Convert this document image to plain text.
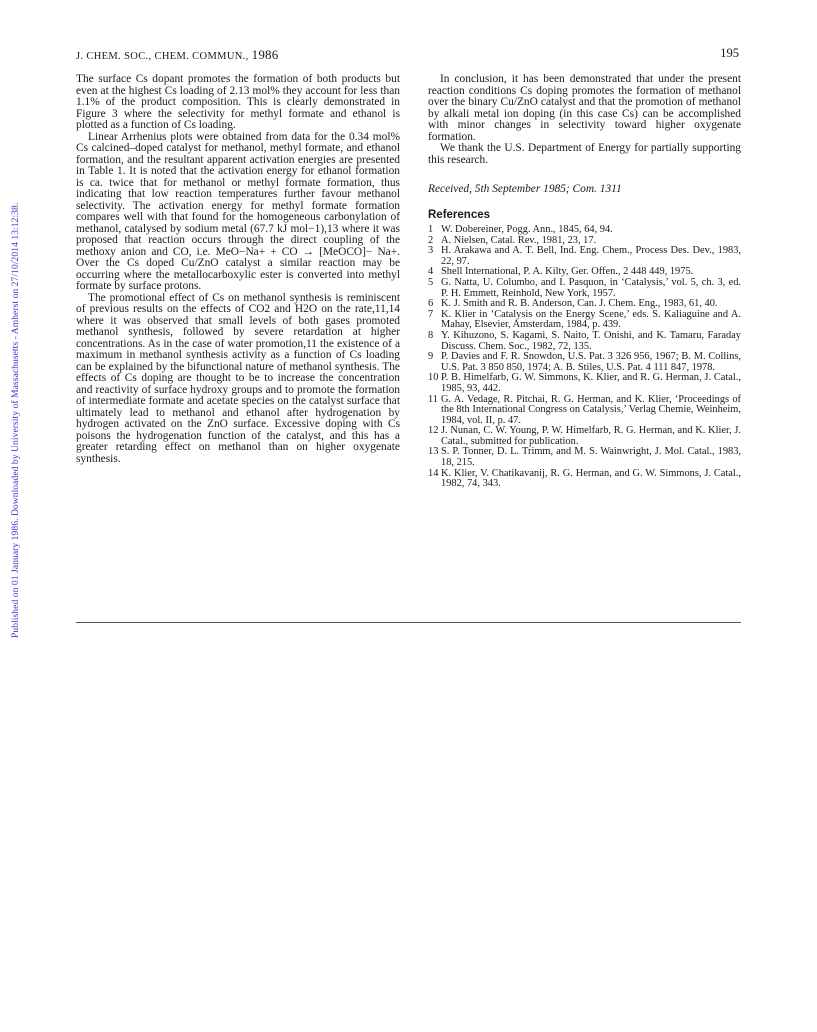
Published on 01 January 1986. Downloaded by University of Massachusetts - Amherst on 27/10/2014 13:12:38.
J. CHEM. SOC., CHEM. COMMUN., 1986	195

The surface Cs dopant promotes the formation of both products but even at the highest Cs loading of 2.13 mol% they account for less than 1.1% of the product composition. This is clearly demonstrated in Figure 3 where the selectivity for methyl formate and ethanol is plotted as a function of Cs loading.

Linear Arrhenius plots were obtained from data for the 0.34 mol% Cs calcined–doped catalyst for methanol, methyl formate, and ethanol formation, and the resultant apparent activation energies are presented in Table 1. It is noted that the activation energy for ethanol formation is ca. twice that for methanol or methyl formate formation, thus indicating that low reaction temperatures further favour methanol selectivity. The activation energy for methyl formate formation compares well with that found for the homogeneous carbonylation of methanol, catalysed by sodium metal (67.7 kJ mol−1),13 where it was proposed that reaction occurs through the direct coupling of the methoxy anion and CO, i.e. MeO−Na+ + CO → [MeOCO]− Na+. Over the Cs doped Cu/ZnO catalyst a similar reaction may be occurring where the metallocarboxylic ester is converted into methyl formate by surface protons.

The promotional effect of Cs on methanol synthesis is reminiscent of previous results on the effects of CO2 and H2O on the rate,11,14 where it was observed that small levels of both gases promoted methanol synthesis, followed by severe retardation at higher concentrations. As in the case of water promotion,11 the existence of a maximum in methanol synthesis activity as a function of Cs loading can be explained by the bifunctional nature of methanol synthesis. The effects of Cs doping are thought to be to increase the concentration and reactivity of surface hydroxy groups and to promote the formation of intermediate formate and acetate species on the catalyst surface that ultimately lead to methanol and ethanol after hydrogenation by hydrogen activated on the ZnO surface. Excessive doping with Cs poisons the hydrogenation function of the catalyst, and this has a greater retarding effect on methanol than on higher oxygenate synthesis.

In conclusion, it has been demonstrated that under the present reaction conditions Cs doping promotes the formation of methanol over the binary Cu/ZnO catalyst and that the promotion of methanol by alkali metal ion doping (in this case Cs) can be accomplished with minor changes in selectivity toward higher oxygenate formation.

We thank the U.S. Department of Energy for partially supporting this research.

Received, 5th September 1985; Com. 1311

References
1 W. Dobereiner, Pogg. Ann., 1845, 64, 94.
2 A. Nielsen, Catal. Rev., 1981, 23, 17.
3 H. Arakawa and A. T. Bell, Ind. Eng. Chem., Process Des. Dev., 1983, 22, 97.
4 Shell International, P. A. Kilty, Ger. Offen., 2 448 449, 1975.
5 G. Natta, U. Columbo, and I. Pasquon, in ‘Catalysis,’ vol. 5, ch. 3, ed. P. H. Emmett, Reinhold, New York, 1957.
6 K. J. Smith and R. B. Anderson, Can. J. Chem. Eng., 1983, 61, 40.
7 K. Klier in ‘Catalysis on the Energy Scene,’ eds. S. Kaliaguine and A. Mahay, Elsevier, Amsterdam, 1984, p. 439.
8 Y. Kihuzono, S. Kagami, S. Naito, T. Onishi, and K. Tamaru, Faraday Discuss. Chem. Soc., 1982, 72, 135.
9 P. Davies and F. R. Snowdon, U.S. Pat. 3 326 956, 1967; B. M. Collins, U.S. Pat. 3 850 850, 1974; A. B. Stiles, U.S. Pat. 4 111 847, 1978.
10 P. B. Himelfarb, G. W. Simmons, K. Klier, and R. G. Herman, J. Catal., 1985, 93, 442.
11 G. A. Vedage, R. Pitchai, R. G. Herman, and K. Klier, ‘Proceedings of the 8th International Congress on Catalysis,’ Verlag Chemie, Weinheim, 1984, vol. II, p. 47.
12 J. Nunan, C. W. Young, P. W. Himelfarb, R. G. Herman, and K. Klier, J. Catal., submitted for publication.
13 S. P. Tonner, D. L. Trimm, and M. S. Wainwright, J. Mol. Catal., 1983, 18, 215.
14 K. Klier, V. Chatikavanij, R. G. Herman, and G. W. Simmons, J. Catal., 1982, 74, 343.
